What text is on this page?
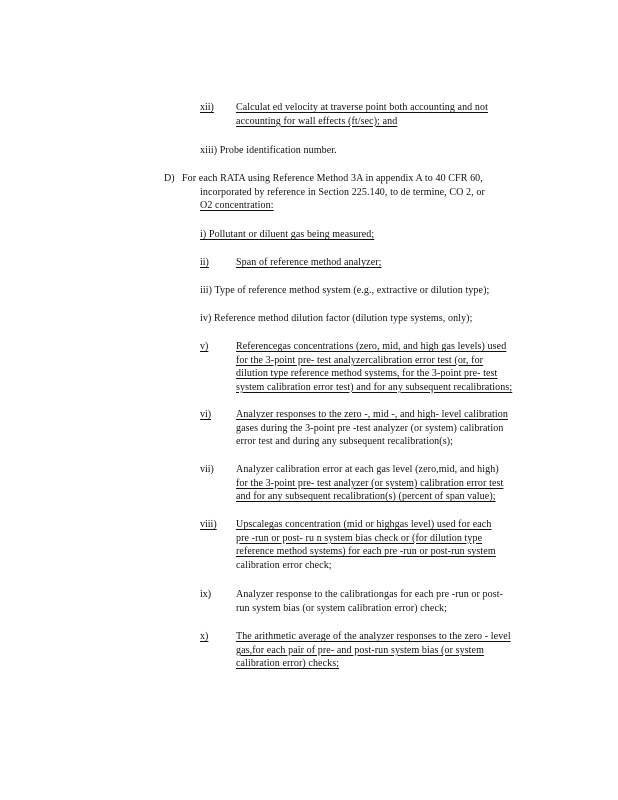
xii) Calculat ed velocity at traverse point both accounting and not
accounting for wall effects (ft/sec); and
xiii) Probe identification number.
D) For each RATA using Reference Method 3A in appendix A to 40 CFR 60,
incorporated by reference in Section 225.140, to de termine, CO 2, or
O2 concentration:
i) Pollutant or diluent gas being measured;
ii)	Span of reference method analyzer;
iii) Type of reference method system (e.g., extractive or dilution type);
iv) Reference method dilution factor (dilution type systems, only);
v)	Referencegas concentrations (zero, mid, and high gas levels) used
for the 3-point pre- test analyzercalibration error test (or, for
dilution type reference method systems, for the 3-point pre- test
system calibration error test) and for any subsequent recalibrations;
vi) Analyzer responses to the zero -, mid -, and high- level calibration
gases during the 3-point pre -test analyzer (or system) calibration
error test and during any subsequent recalibration(s);
vii) Analyzer calibration error at each gas level (zero,mid, and high)
for the 3-point pre- test analyzer (or system) calibration error test
and for any subsequent recalibration(s) (percent of span value);
viii) Upscalegas concentration (mid or highgas level) used for each
pre -run or post- ru n system bias check or (for dilution type
reference method systems) for each pre -run or post-run system
calibration error check;
ix) Analyzer response to the calibrationgas for each pre -run or post-
run system bias (or system calibration error) check;
x)	The arithmetic average of the analyzer responses to the zero - level
gas,for each pair of pre- and post-run system bias (or system
calibration error) checks;
